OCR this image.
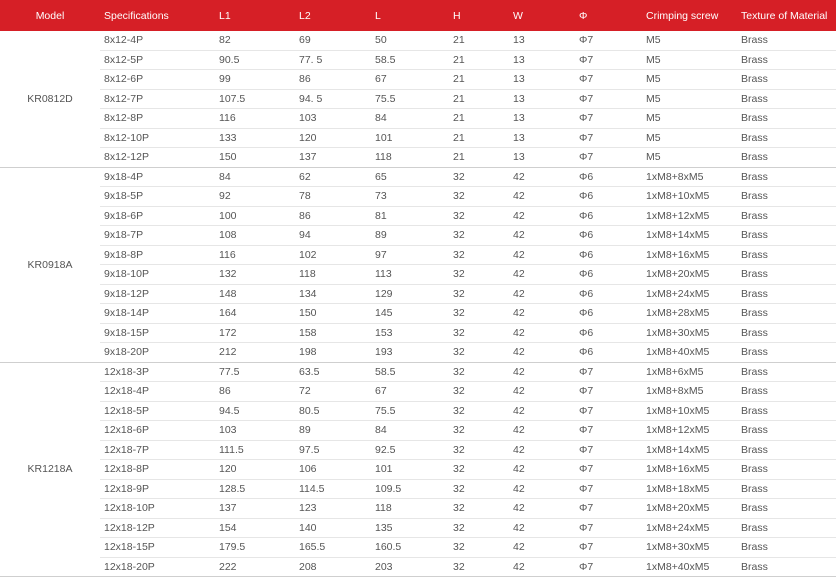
Model	Specifications	L1	L2	L	H	W	Φ	Crimping screw	Texture of Material
KR0812D	8x12-4P	82	69	50	21	13	Φ7	M5	Brass
	8x12-5P	90.5	77. 5	58.5	21	13	Φ7	M5	Brass
	8x12-6P	99	86	67	21	13	Φ7	M5	Brass
	8x12-7P	107.5	94. 5	75.5	21	13	Φ7	M5	Brass
	8x12-8P	116	103	84	21	13	Φ7	M5	Brass
	8x12-10P	133	120	101	21	13	Φ7	M5	Brass
	8x12-12P	150	137	118	21	13	Φ7	M5	Brass
KR0918A	9x18-4P	84	62	65	32	42	Φ6	1xM8+8xM5	Brass
	9x18-5P	92	78	73	32	42	Φ6	1xM8+10xM5	Brass
	9x18-6P	100	86	81	32	42	Φ6	1xM8+12xM5	Brass
	9x18-7P	108	94	89	32	42	Φ6	1xM8+14xM5	Brass
	9x18-8P	116	102	97	32	42	Φ6	1xM8+16xM5	Brass
	9x18-10P	132	118	113	32	42	Φ6	1xM8+20xM5	Brass
	9x18-12P	148	134	129	32	42	Φ6	1xM8+24xM5	Brass
	9x18-14P	164	150	145	32	42	Φ6	1xM8+28xM5	Brass
	9x18-15P	172	158	153	32	42	Φ6	1xM8+30xM5	Brass
	9x18-20P	212	198	193	32	42	Φ6	1xM8+40xM5	Brass
KR1218A	12x18-3P	77.5	63.5	58.5	32	42	Φ7	1xM8+6xM5	Brass
	12x18-4P	86	72	67	32	42	Φ7	1xM8+8xM5	Brass
	12x18-5P	94.5	80.5	75.5	32	42	Φ7	1xM8+10xM5	Brass
	12x18-6P	103	89	84	32	42	Φ7	1xM8+12xM5	Brass
	12x18-7P	111.5	97.5	92.5	32	42	Φ7	1xM8+14xM5	Brass
	12x18-8P	120	106	101	32	42	Φ7	1xM8+16xM5	Brass
	12x18-9P	128.5	114.5	109.5	32	42	Φ7	1xM8+18xM5	Brass
	12x18-10P	137	123	118	32	42	Φ7	1xM8+20xM5	Brass
	12x18-12P	154	140	135	32	42	Φ7	1xM8+24xM5	Brass
	12x18-15P	179.5	165.5	160.5	32	42	Φ7	1xM8+30xM5	Brass
	12x18-20P	222	208	203	32	42	Φ7	1xM8+40xM5	Brass
